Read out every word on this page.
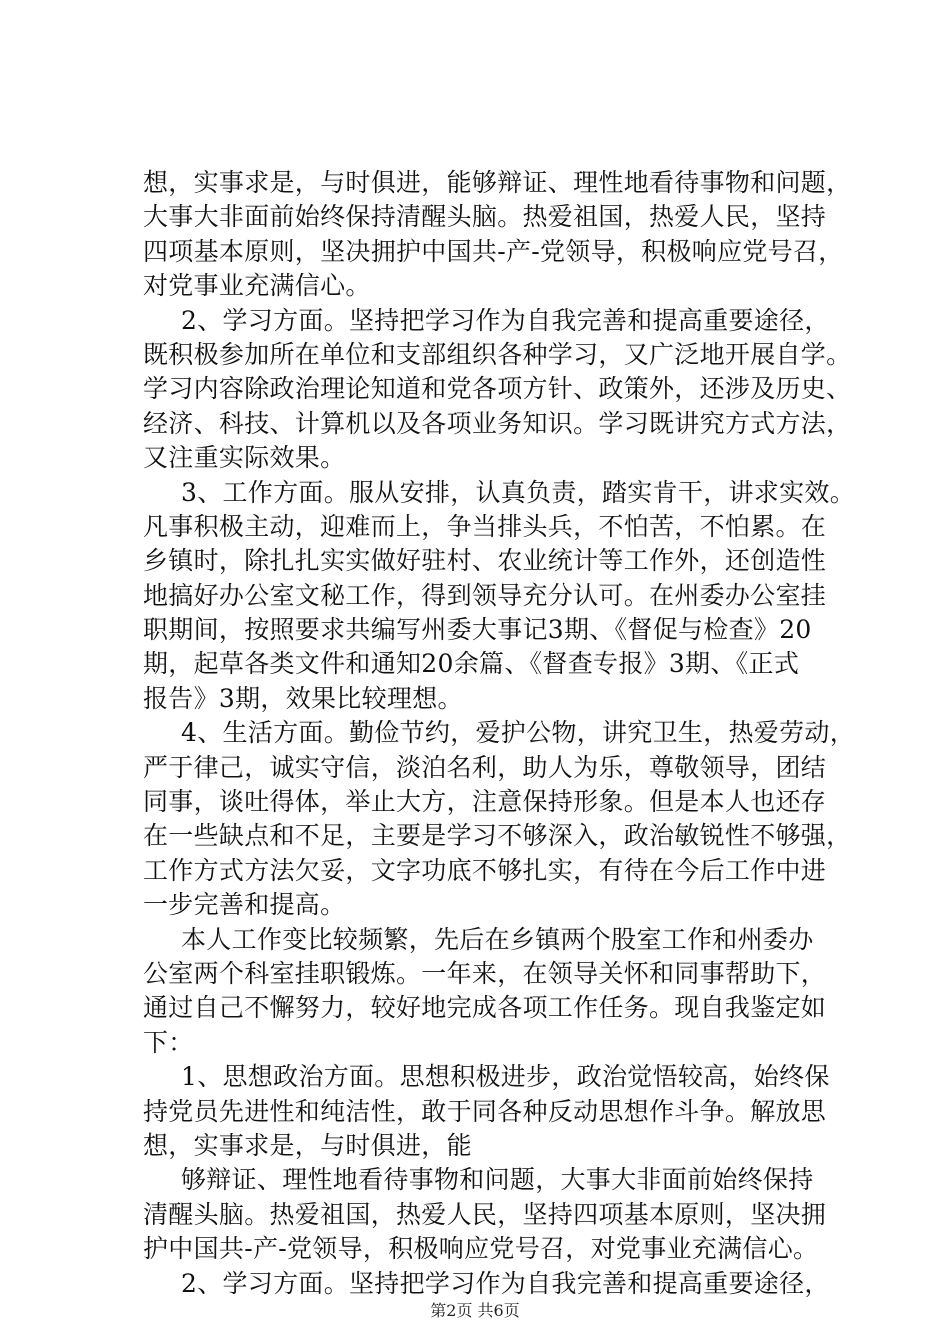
想，实事求是，与时俱进，能够辩证、理性地看待事物和问题，
大事大非面前始终保持清醒头脑。热爱祖国，热爱人民，坚持
四项基本原则，坚决拥护中国共-产-党领导，积极响应党号召，
对党事业充满信心。
2、学习方面。坚持把学习作为自我完善和提高重要途径，
既积极参加所在单位和支部组织各种学习，又广泛地开展自学。
学习内容除政治理论知道和党各项方针、政策外，还涉及历史、
经济、科技、计算机以及各项业务知识。学习既讲究方式方法，
又注重实际效果。
3、工作方面。服从安排，认真负责，踏实肯干，讲求实效。
凡事积极主动，迎难而上，争当排头兵，不怕苦，不怕累。在
乡镇时，除扎扎实实做好驻村、农业统计等工作外，还创造性
地搞好办公室文秘工作，得到领导充分认可。在州委办公室挂
职期间，按照要求共编写州委大事记3期、《督促与检查》20
期，起草各类文件和通知20余篇、《督查专报》3期、《正式
报告》3期，效果比较理想。
4、生活方面。勤俭节约，爱护公物，讲究卫生，热爱劳动，
严于律己，诚实守信，淡泊名利，助人为乐，尊敬领导，团结
同事，谈吐得体，举止大方，注意保持形象。但是本人也还存
在一些缺点和不足，主要是学习不够深入，政治敏锐性不够强，
工作方式方法欠妥，文字功底不够扎实，有待在今后工作中进
一步完善和提高。
本人工作变比较频繁，先后在乡镇两个股室工作和州委办
公室两个科室挂职锻炼。一年来，在领导关怀和同事帮助下，
通过自己不懈努力，较好地完成各项工作任务。现自我鉴定如
下：
1、思想政治方面。思想积极进步，政治觉悟较高，始终保
持党员先进性和纯洁性，敢于同各种反动思想作斗争。解放思
想，实事求是，与时俱进，能
够辩证、理性地看待事物和问题，大事大非面前始终保持
清醒头脑。热爱祖国，热爱人民，坚持四项基本原则，坚决拥
护中国共-产-党领导，积极响应党号召，对党事业充满信心。
2、学习方面。坚持把学习作为自我完善和提高重要途径，
第2页 共6页
